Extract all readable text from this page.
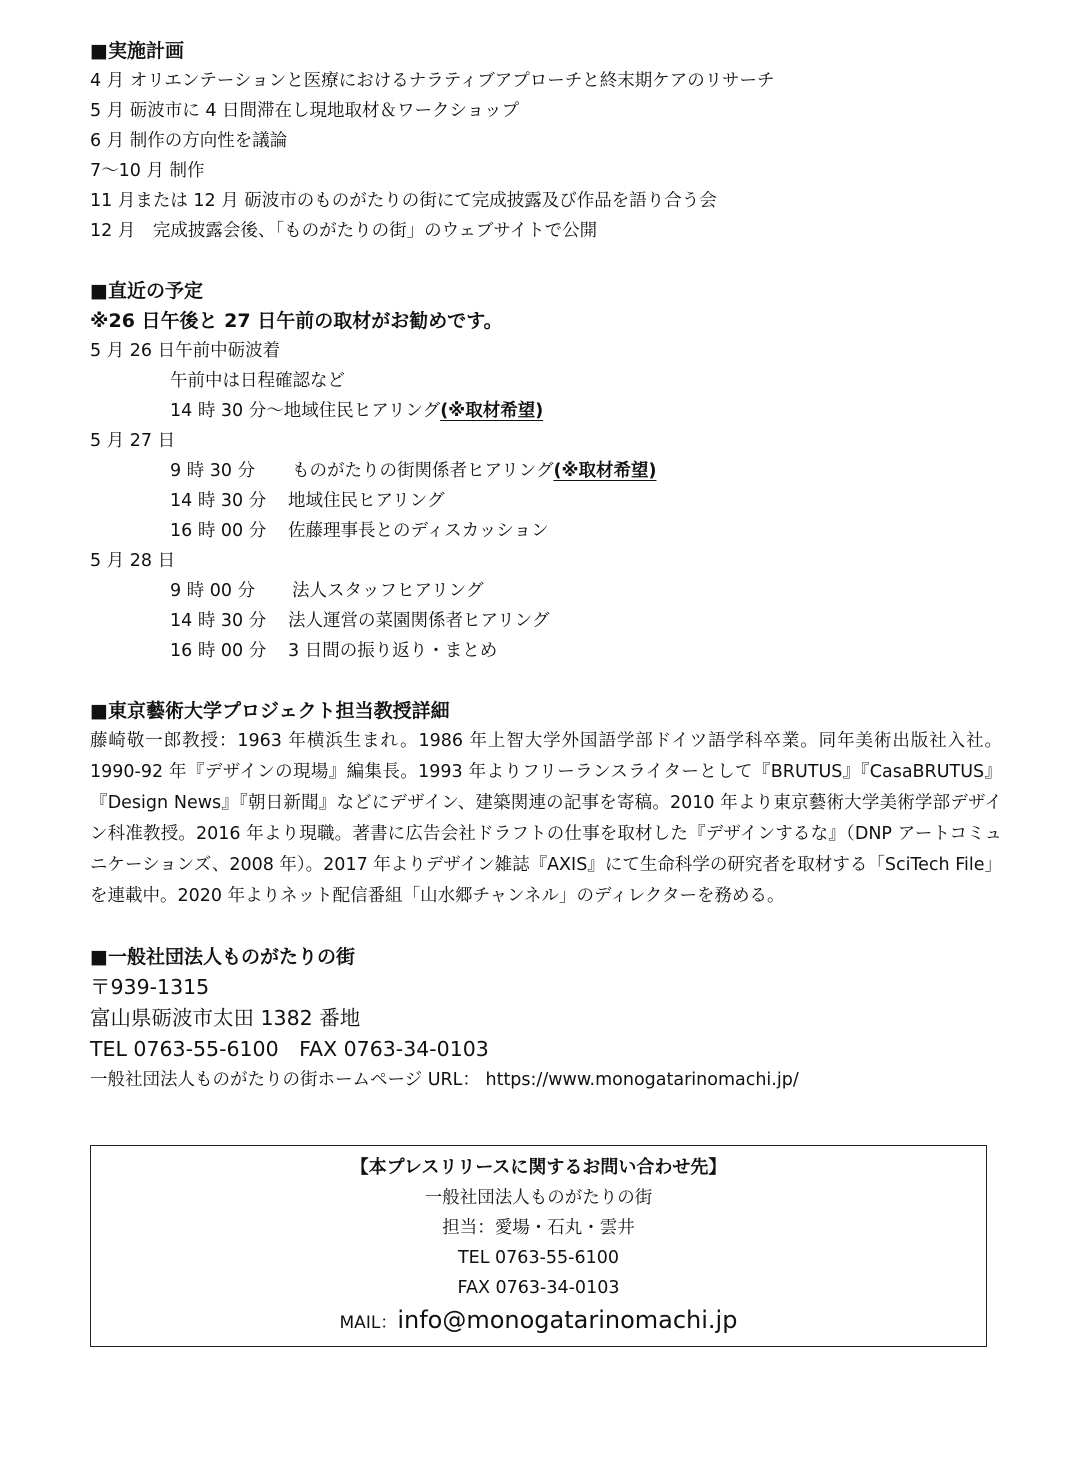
■実施計画
4 月 オリエンテーションと医療におけるナラティブアプローチと終末期ケアのリサーチ
5 月 砺波市に 4 日間滞在し現地取材＆ワークショップ
6 月 制作の方向性を議論
7～10 月 制作
11 月または 12 月 砺波市のものがたりの街にて完成披露及び作品を語り合う会
12 月　完成披露会後、「ものがたりの街」のウェブサイトで公開
■直近の予定
※26 日午後と 27 日午前の取材がお勧めです。
5 月 26 日午前中砺波着
午前中は日程確認など
14 時 30 分～地域住民ヒアリング(※取材希望)
5 月 27 日
9 時 30 分 ものがたりの街関係者ヒアリング(※取材希望)
14 時 30 分 地域住民ヒアリング
16 時 00 分 佐藤理事長とのディスカッション
5 月 28 日
9 時 00 分 法人スタッフヒアリング
14 時 30 分 法人運営の菜園関係者ヒアリング
16 時 00 分 3 日間の振り返り・まとめ
■東京藝術大学プロジェクト担当教授詳細
藤崎敬一郎教授：1963 年横浜生まれ。1986 年上智大学外国語学部ドイツ語学科卒業。同年美術出版社入社。1990-92 年『デザインの現場』編集長。1993 年よりフリーランスライターとして『BRUTUS』『CasaBRUTUS』『Design News』『朝日新聞』などにデザイン、建築関連の記事を寄稿。2010 年より東京藝術大学美術学部デザイン科准教授。2016 年より現職。著書に広告会社ドラフトの仕事を取材した『デザインするな』（DNP アートコミュニケーションズ、2008 年）。2017 年よりデザイン雑誌『AXIS』にて生命科学の研究者を取材する「SciTech File」を連載中。2020 年よりネット配信番組「山水郷チャンネル」のディレクターを務める。
■一般社団法人ものがたりの街
〒939-1315
富山県砺波市太田 1382 番地
TEL 0763-55-6100　FAX 0763-34-0103
一般社団法人ものがたりの街ホームページ URL： https://www.monogatarinomachi.jp/
【本プレスリリースに関するお問い合わせ先】
一般社団法人ものがたりの街
担当：愛場・石丸・雲井
TEL 0763-55-6100
FAX 0763-34-0103
MAIL：info@monogatarinomachi.jp
